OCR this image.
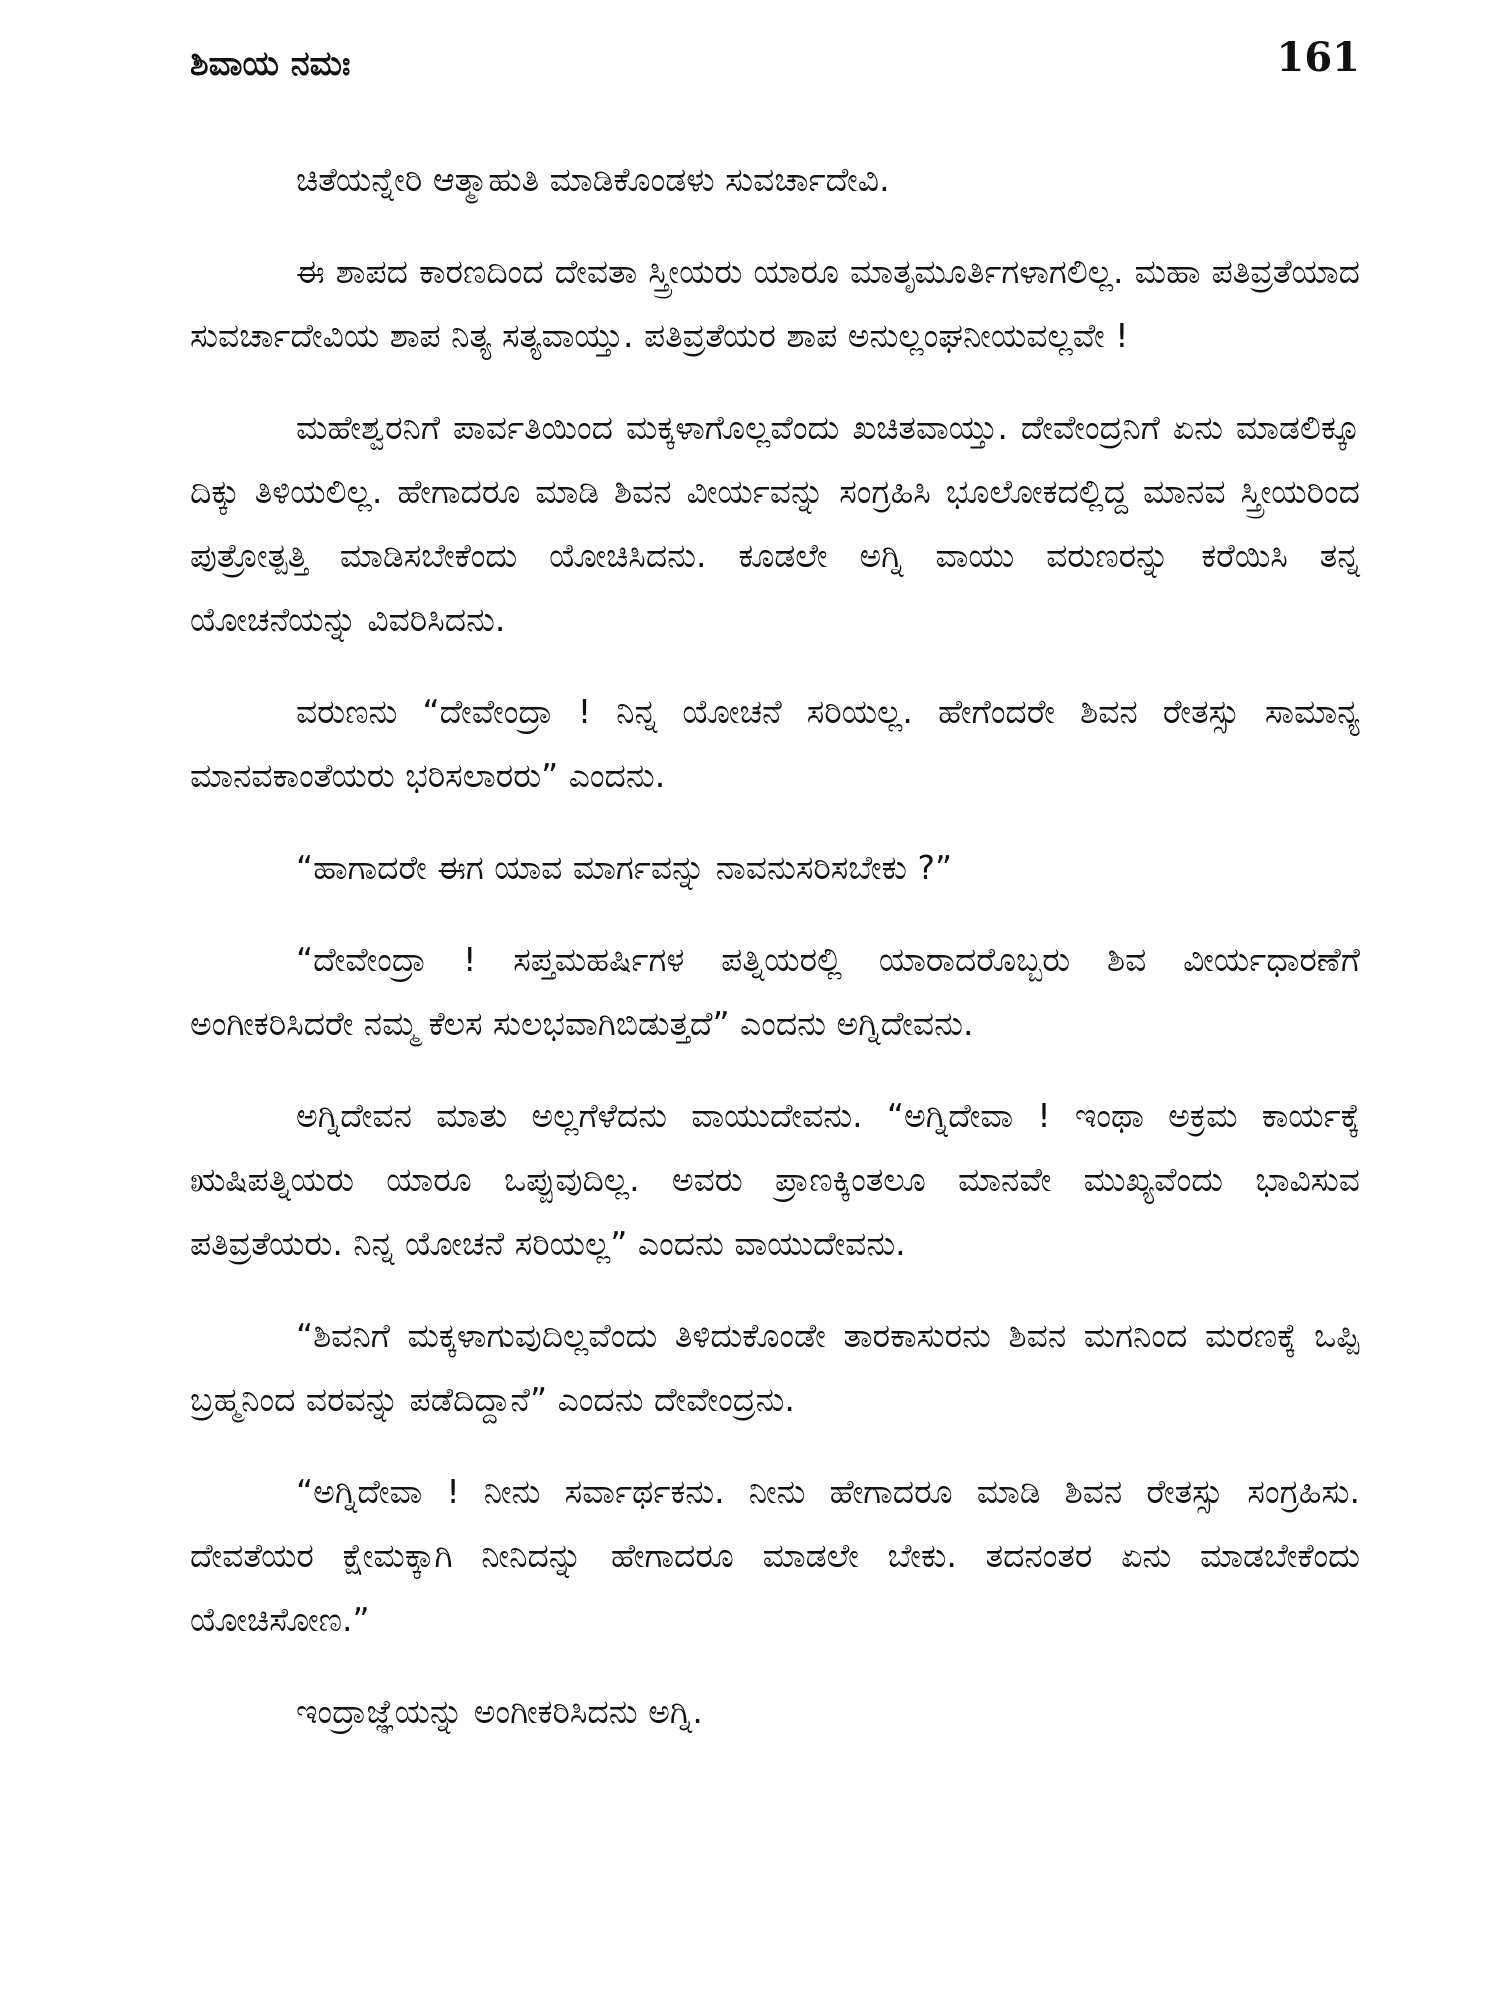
ಶಿವಾಯ ನಮಃ	161

ಚಿತೆಯನ್ನೇರಿ ಆತ್ಮಾಹುತಿ ಮಾಡಿಕೊಂಡಳು ಸುವರ್ಚಾದೇವಿ.

ಈ ಶಾಪದ ಕಾರಣದಿಂದ ದೇವತಾ ಸ್ತ್ರೀಯರು ಯಾರೂ ಮಾತೃಮೂರ್ತಿಗಳಾಗಲಿಲ್ಲ. ಮಹಾ ಪತಿವ್ರತೆಯಾದ ಸುವರ್ಚಾದೇವಿಯ ಶಾಪ ನಿತ್ಯ ಸತ್ಯವಾಯ್ತು. ಪತಿವ್ರತೆಯರ ಶಾಪ ಅನುಲ್ಲಂಘನೀಯವಲ್ಲವೇ !

ಮಹೇಶ್ವರನಿಗೆ ಪಾರ್ವತಿಯಿಂದ ಮಕ್ಕಳಾಗೊಲ್ಲವೆಂದು ಖಚಿತವಾಯ್ತು. ದೇವೇಂದ್ರನಿಗೆ ಏನು ಮಾಡಲಿಕ್ಕೂ ದಿಕ್ಕು ತಿಳಿಯಲಿಲ್ಲ. ಹೇಗಾದರೂ ಮಾಡಿ ಶಿವನ ವೀರ್ಯವನ್ನು ಸಂಗ್ರಹಿಸಿ ಭೂಲೋಕದಲ್ಲಿದ್ದ ಮಾನವ ಸ್ತ್ರೀಯರಿಂದ ಪುತ್ರೋತ್ಪತ್ತಿ ಮಾಡಿಸಬೇಕೆಂದು ಯೋಚಿಸಿದನು. ಕೂಡಲೇ ಅಗ್ನಿ ವಾಯು ವರುಣರನ್ನು ಕರೆಯಿಸಿ ತನ್ನ ಯೋಚನೆಯನ್ನು ವಿವರಿಸಿದನು.

ವರುಣನು “ದೇವೇಂದ್ರಾ ! ನಿನ್ನ ಯೋಚನೆ ಸರಿಯಲ್ಲ. ಹೇಗೆಂದರೇ ಶಿವನ ರೇತಸ್ಸು ಸಾಮಾನ್ಯ ಮಾನವಕಾಂತೆಯರು ಭರಿಸಲಾರರು” ಎಂದನು.

“ಹಾಗಾದರೇ ಈಗ ಯಾವ ಮಾರ್ಗವನ್ನು ನಾವನುಸರಿಸಬೇಕು ?”

“ದೇವೇಂದ್ರಾ ! ಸಪ್ತಮಹರ್ಷಿಗಳ ಪತ್ನಿಯರಲ್ಲಿ ಯಾರಾದರೊಬ್ಬರು ಶಿವ ವೀರ್ಯಧಾರಣೆಗೆ ಅಂಗೀಕರಿಸಿದರೇ ನಮ್ಮ ಕೆಲಸ ಸುಲಭವಾಗಿಬಿಡುತ್ತದೆ” ಎಂದನು ಅಗ್ನಿದೇವನು.

ಅಗ್ನಿದೇವನ ಮಾತು ಅಲ್ಲಗೆಳೆದನು ವಾಯುದೇವನು. “ಅಗ್ನಿದೇವಾ ! ಇಂಥಾ ಅಕ್ರಮ ಕಾರ್ಯಕ್ಕೆ ಋಷಿಪತ್ನಿಯರು ಯಾರೂ ಒಪ್ಪುವುದಿಲ್ಲ. ಅವರು ಪ್ರಾಣಕ್ಕಿಂತಲೂ ಮಾನವೇ ಮುಖ್ಯವೆಂದು ಭಾವಿಸುವ ಪತಿವ್ರತೆಯರು. ನಿನ್ನ ಯೋಚನೆ ಸರಿಯಲ್ಲ” ಎಂದನು ವಾಯುದೇವನು.

“ಶಿವನಿಗೆ ಮಕ್ಕಳಾಗುವುದಿಲ್ಲವೆಂದು ತಿಳಿದುಕೊಂಡೇ ತಾರಕಾಸುರನು ಶಿವನ ಮಗನಿಂದ ಮರಣಕ್ಕೆ ಒಪ್ಪಿ ಬ್ರಹ್ಮನಿಂದ ವರವನ್ನು ಪಡೆದಿದ್ದಾನೆ” ಎಂದನು ದೇವೇಂದ್ರನು.

“ಅಗ್ನಿದೇವಾ ! ನೀನು ಸರ್ವಾರ್ಥಕನು. ನೀನು ಹೇಗಾದರೂ ಮಾಡಿ ಶಿವನ ರೇತಸ್ಸು ಸಂಗ್ರಹಿಸು. ದೇವತೆಯರ ಕ್ಷೇಮಕ್ಕಾಗಿ ನೀನಿದನ್ನು ಹೇಗಾದರೂ ಮಾಡಲೇ ಬೇಕು. ತದನಂತರ ಏನು ಮಾಡಬೇಕೆಂದು ಯೋಚಿಸೋಣ.”

ಇಂದ್ರಾಜ್ಞೆಯನ್ನು ಅಂಗೀಕರಿಸಿದನು ಅಗ್ನಿ.
